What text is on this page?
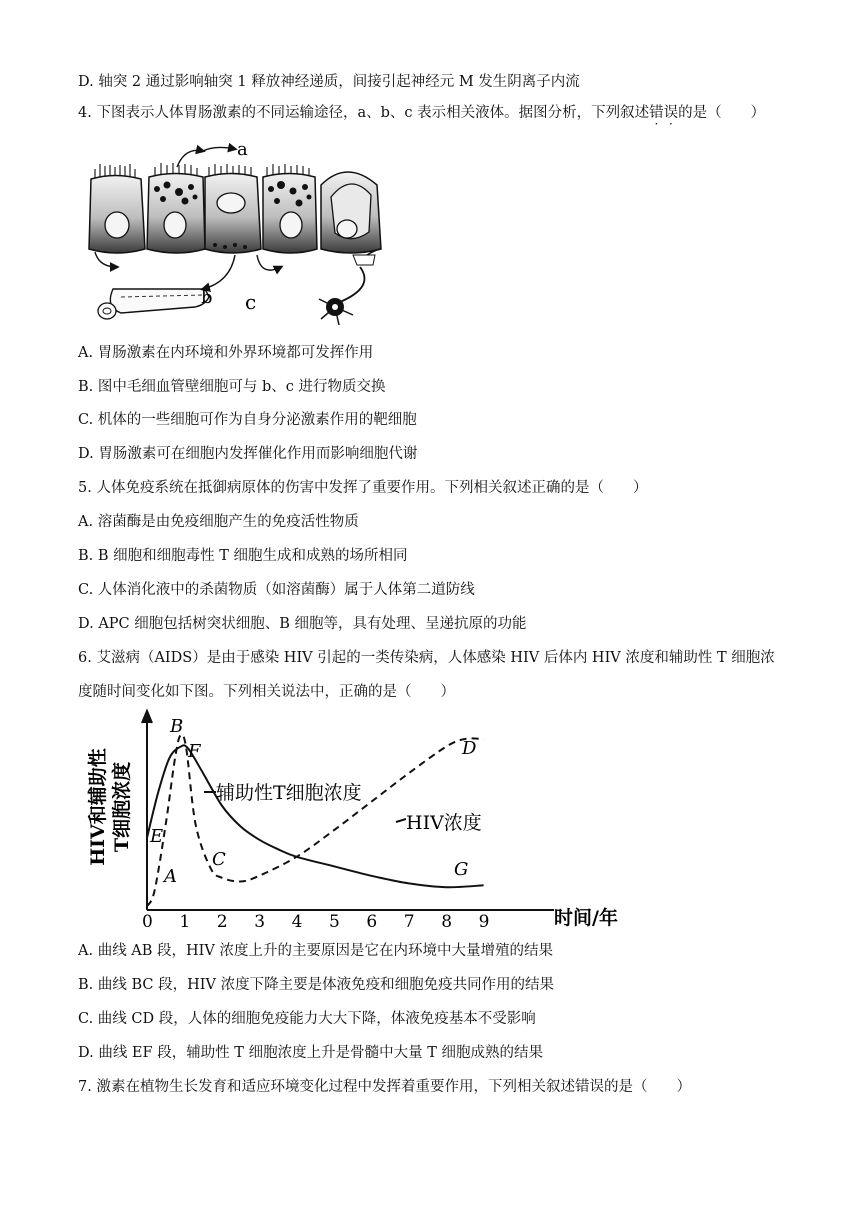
D. 轴突 2 通过影响轴突 1 释放神经递质，间接引起神经元 M 发生阴离子内流
4. 下图表示人体胃肠激素的不同运输途径，a、b、c 表示相关液体。据图分析，下列叙述错误的是（　　）
a
b c
A. 胃肠激素在内环境和外界环境都可发挥作用
B. 图中毛细血管壁细胞可与 b、c 进行物质交换
C. 机体的一些细胞可作为自身分泌激素作用的靶细胞
D. 胃肠激素可在细胞内发挥催化作用而影响细胞代谢
5. 人体免疫系统在抵御病原体的伤害中发挥了重要作用。下列相关叙述正确的是（　　）
A. 溶菌酶是由免疫细胞产生的免疫活性物质
B. B 细胞和细胞毒性 T 细胞生成和成熟的场所相同
C. 人体消化液中的杀菌物质（如溶菌酶）属于人体第二道防线
D. APC 细胞包括树突状细胞、B 细胞等，具有处理、呈递抗原的功能
6. 艾滋病（AIDS）是由于感染 HIV 引起的一类传染病，人体感染 HIV 后体内 HIV 浓度和辅助性 T 细胞浓
度随时间变化如下图。下列相关说法中，正确的是（　　）
0 1 2 3 4 5 6 7 8 9	时间/年
HIV和辅助性 T细胞浓度	辅助性T细胞浓度
HIV浓度
A
B
C
D
E
F
G
A. 曲线 AB 段，HIV 浓度上升的主要原因是它在内环境中大量增殖的结果
B. 曲线 BC 段，HIV 浓度下降主要是体液免疫和细胞免疫共同作用的结果
C. 曲线 CD 段，人体的细胞免疫能力大大下降，体液免疫基本不受影响
D. 曲线 EF 段，辅助性 T 细胞浓度上升是骨髓中大量 T 细胞成熟的结果
7. 激素在植物生长发育和适应环境变化过程中发挥着重要作用，下列相关叙述错误的是（　　）
